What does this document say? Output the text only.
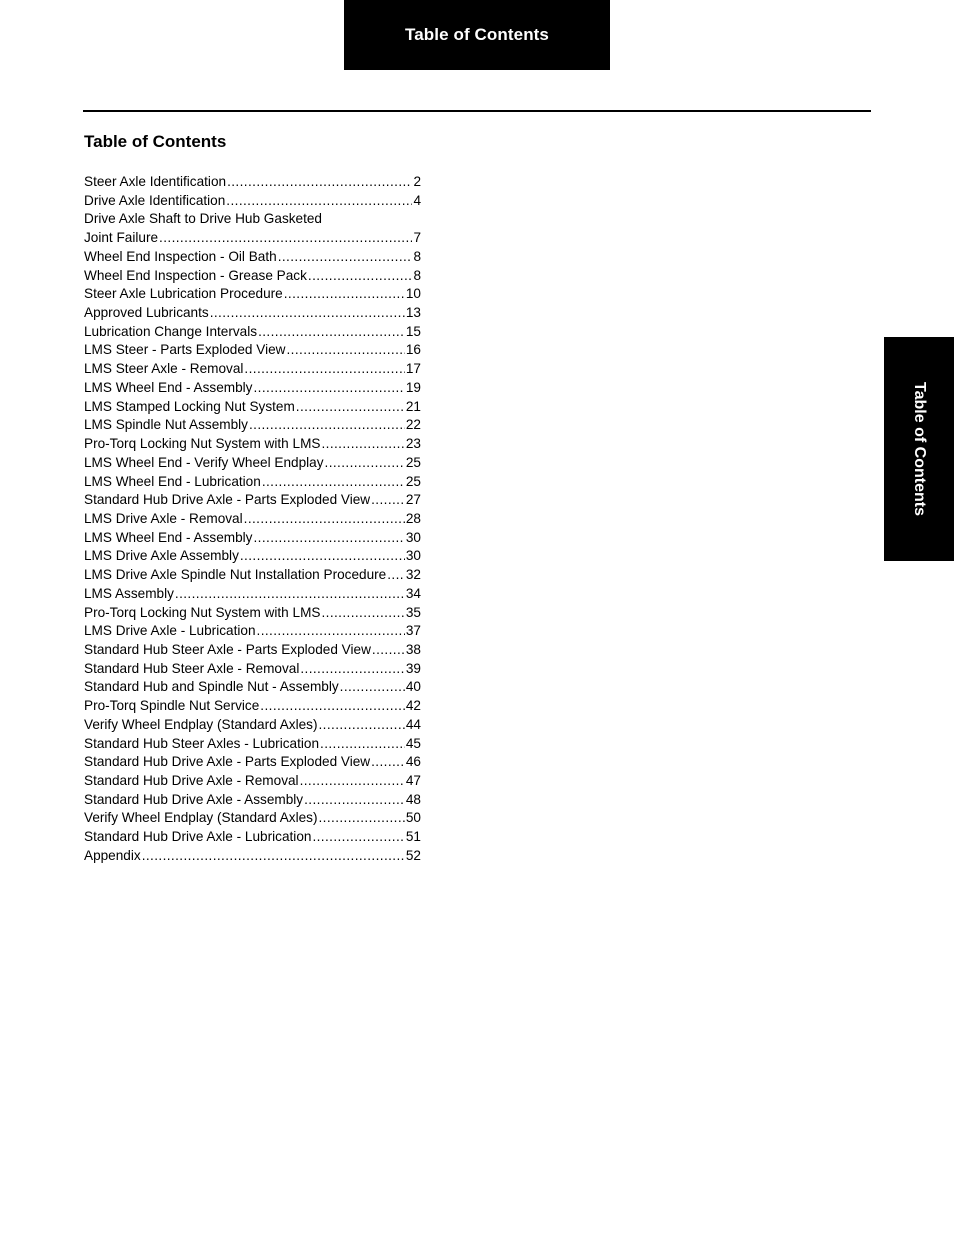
Table of Contents
Table of Contents
Table of Contents
Steer Axle Identification .....	2
Drive Axle Identification .....	4
Drive Axle Shaft to Drive Hub Gasketed
Joint Failure .....	7
Wheel End Inspection - Oil Bath .....	8
Wheel End Inspection - Grease Pack .....	8
Steer Axle Lubrication Procedure .....	10
Approved Lubricants .....	13
Lubrication Change Intervals .....	15
LMS Steer - Parts Exploded View .....	16
LMS Steer Axle - Removal .....	17
LMS Wheel End - Assembly .....	19
LMS Stamped Locking Nut System .....	21
LMS Spindle Nut Assembly .....	22
Pro-Torq Locking Nut System with LMS .....	23
LMS Wheel End - Verify Wheel Endplay .....	25
LMS Wheel End - Lubrication .....	25
Standard Hub Drive Axle - Parts Exploded View .....	27
LMS Drive Axle - Removal .....	28
LMS Wheel End - Assembly .....	30
LMS Drive Axle Assembly .....	30
LMS Drive Axle Spindle Nut Installation Procedure ..... 32
LMS Assembly .....	34
Pro-Torq Locking Nut System with LMS .....	35
LMS Drive Axle - Lubrication .....	37
Standard Hub Steer Axle - Parts Exploded View .....	38
Standard Hub Steer Axle - Removal .....	39
Standard Hub and Spindle Nut - Assembly .....	40
Pro-Torq Spindle Nut Service .....	42
Verify Wheel Endplay (Standard Axles) .....	44
Standard Hub Steer Axles - Lubrication .....	45
Standard Hub Drive Axle - Parts Exploded View .....	46
Standard Hub Drive Axle - Removal .....	47
Standard Hub Drive Axle - Assembly .....	48
Verify Wheel Endplay (Standard Axles) .....	50
Standard Hub Drive Axle - Lubrication .....	51
Appendix .....	52
